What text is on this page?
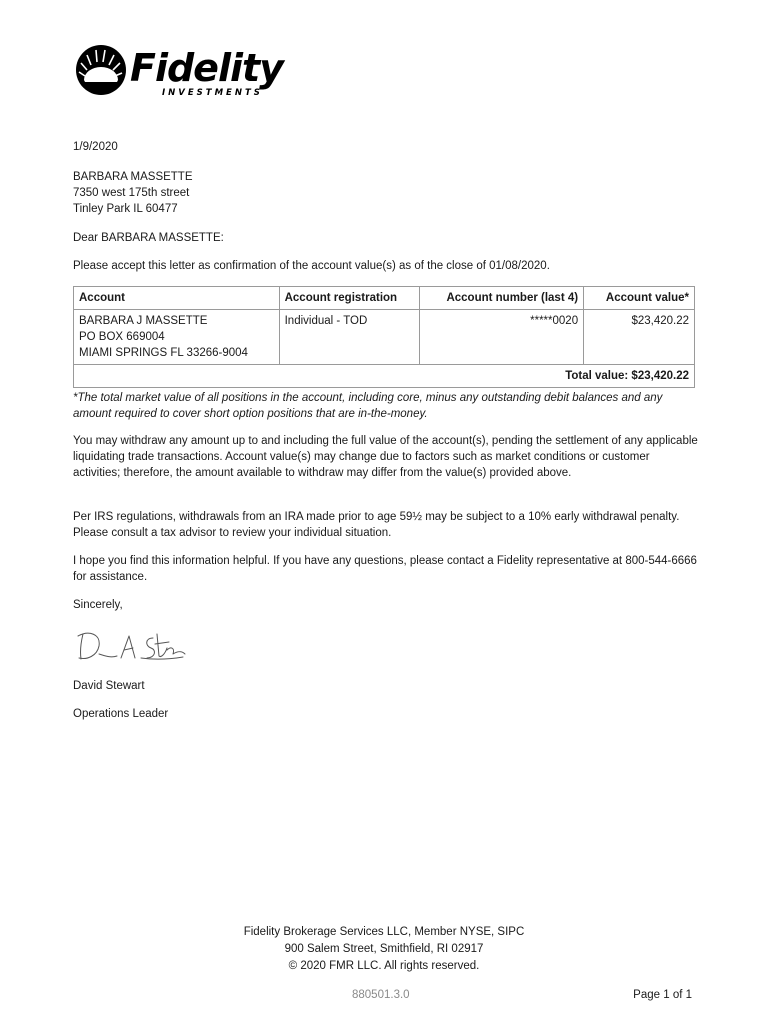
Fidelity
INVESTMENTS

1/9/2020

BARBARA MASSETTE
7350 west 175th street
Tinley Park IL 60477

Dear BARBARA MASSETTE:

Please accept this letter as confirmation of the account value(s) as of the close of 01/08/2020.

Account	Account registration	Account number (last 4)	Account value*

BARBARA J MASSETTE
PO BOX 669004
MIAMI SPRINGS FL 33266-9004	Individual - TOD	*****0020	$23,420.22
Total value: $23,420.22			

*The total market value of all positions in the account, including core, minus any outstanding debit balances and any amount required to cover short option positions that are in-the-money.

You may withdraw any amount up to and including the full value of the account(s), pending the settlement of any applicable liquidating trade transactions. Account value(s) may change due to factors such as market conditions or customer activities; therefore, the amount available to withdraw may differ from the value(s) provided above.

Per IRS regulations, withdrawals from an IRA made prior to age 59½ may be subject to a 10% early withdrawal penalty. Please consult a tax advisor to review your individual situation.

I hope you find this information helpful. If you have any questions, please contact a Fidelity representative at 800-544-6666 for assistance.

Sincerely,

David Stewart

Operations Leader

Fidelity Brokerage Services LLC, Member NYSE, SIPC
900 Salem Street, Smithfield, RI 02917
© 2020 FMR LLC. All rights reserved.
880501.3.0	Page 1 of 1
